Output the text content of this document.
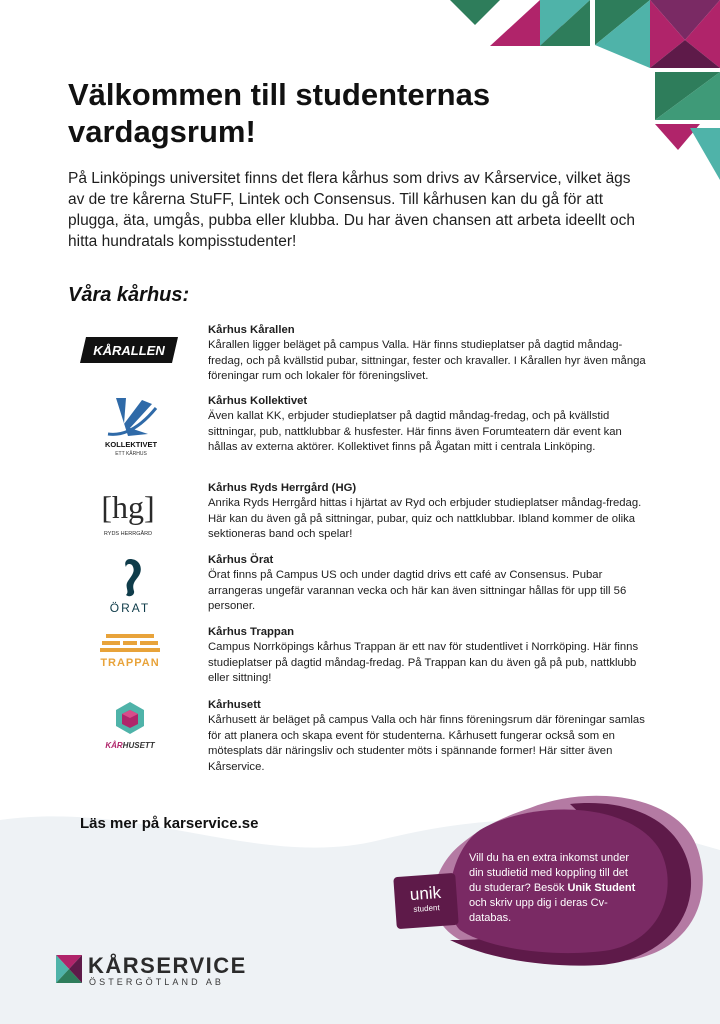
Välkommen till studenternas vardagsrum!

På Linköpings universitet finns det flera kårhus som drivs av Kårservice, vilket ägs av de tre kårerna StuFF, Lintek och Consensus. Till kårhusen kan du gå för att plugga, äta, umgås, pubba eller klubba. Du har även chansen att arbeta ideellt och hitta hundratals kompisstudenter!

Våra kårhus:
KÅRALLEN
KOLLEKTIVET
ETT KÅRHUS
[hg]
RYDS HERRGÅRD
ÖRAT
TRAPPAN
KÅRHUSETT
Kårhus Kårallen
Kårallen ligger beläget på campus Valla. Här finns studieplatser på dagtid måndag-fredag, och på kvällstid pubar, sittningar, fester och kravaller. I Kårallen hyr även många föreningar rum och lokaler för föreningslivet.
Kårhus Kollektivet
Även kallat KK, erbjuder studieplatser på dagtid måndag-fredag, och på kvällstid sittningar, pub, nattklubbar & husfester. Här finns även Forumteatern där event kan hållas av externa aktörer. Kollektivet finns på Ågatan mitt i centrala Linköping.
Kårhus Ryds Herrgård (HG)
Anrika Ryds Herrgård hittas i hjärtat av Ryd och erbjuder studieplatser måndag-fredag. Här kan du även gå på sittningar, pubar, quiz och nattklubbar. Ibland kommer de olika sektioneras band och spelar!
Kårhus Örat
Örat finns på Campus US och under dagtid drivs ett café av Consensus. Pubar arrangeras ungefär varannan vecka och här kan även sittningar hållas för upp till 56 personer.
Kårhus Trappan
Campus Norrköpings kårhus Trappan är ett nav för studentlivet i Norrköping. Här finns studieplatser på dagtid måndag-fredag. På Trappan kan du även gå på pub, nattklubb eller sittning!
Kårhusett
Kårhusett är beläget på campus Valla och här finns föreningsrum där föreningar samlas för att planera och skapa event för studenterna. Kårhusett fungerar också som en mötesplats där näringsliv och studenter möts i spännande former! Här sitter även Kårservice.
Läs mer på karservice.se

Vill du ha en extra inkomst under din studietid med koppling till det du studerar? Besök Unik Student och skriv upp dig i deras Cv-databas.

unik
student
KÅRSERVICE
ÖSTERGÖTLAND AB
